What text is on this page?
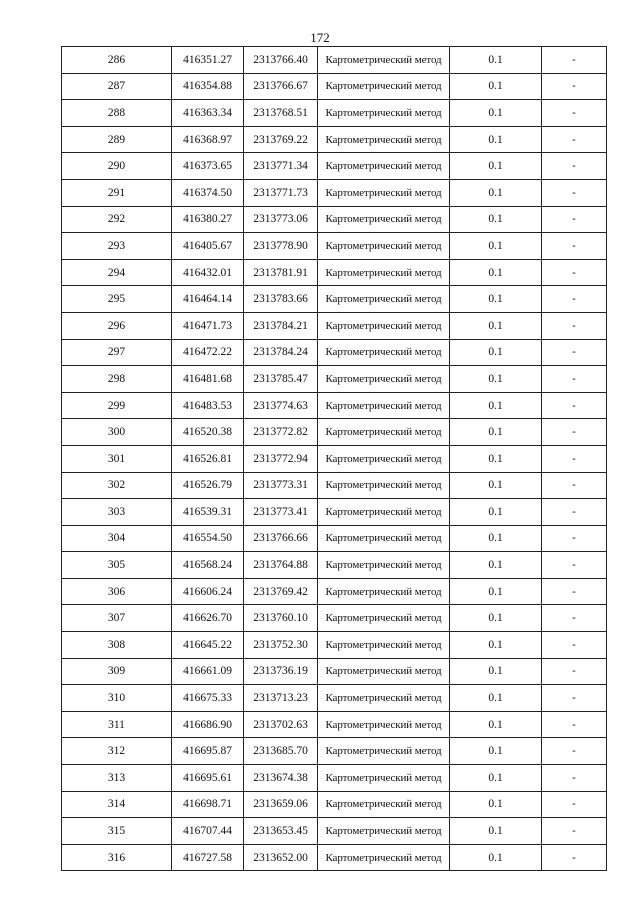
172
286	416351.27	2313766.40	Картометрический метод	0.1	-
287	416354.88	2313766.67	Картометрический метод	0.1	-
288	416363.34	2313768.51	Картометрический метод	0.1	-
289	416368.97	2313769.22	Картометрический метод	0.1	-
290	416373.65	2313771.34	Картометрический метод	0.1	-
291	416374.50	2313771.73	Картометрический метод	0.1	-
292	416380.27	2313773.06	Картометрический метод	0.1	-
293	416405.67	2313778.90	Картометрический метод	0.1	-
294	416432.01	2313781.91	Картометрический метод	0.1	-
295	416464.14	2313783.66	Картометрический метод	0.1	-
296	416471.73	2313784.21	Картометрический метод	0.1	-
297	416472.22	2313784.24	Картометрический метод	0.1	-
298	416481.68	2313785.47	Картометрический метод	0.1	-
299	416483.53	2313774.63	Картометрический метод	0.1	-
300	416520.38	2313772.82	Картометрический метод	0.1	-
301	416526.81	2313772.94	Картометрический метод	0.1	-
302	416526.79	2313773.31	Картометрический метод	0.1	-
303	416539.31	2313773.41	Картометрический метод	0.1	-
304	416554.50	2313766.66	Картометрический метод	0.1	-
305	416568.24	2313764.88	Картометрический метод	0.1	-
306	416606.24	2313769.42	Картометрический метод	0.1	-
307	416626.70	2313760.10	Картометрический метод	0.1	-
308	416645.22	2313752.30	Картометрический метод	0.1	-
309	416661.09	2313736.19	Картометрический метод	0.1	-
310	416675.33	2313713.23	Картометрический метод	0.1	-
311	416686.90	2313702.63	Картометрический метод	0.1	-
312	416695.87	2313685.70	Картометрический метод	0.1	-
313	416695.61	2313674.38	Картометрический метод	0.1	-
314	416698.71	2313659.06	Картометрический метод	0.1	-
315	416707.44	2313653.45	Картометрический метод	0.1	-
316	416727.58	2313652.00	Картометрический метод	0.1	-
